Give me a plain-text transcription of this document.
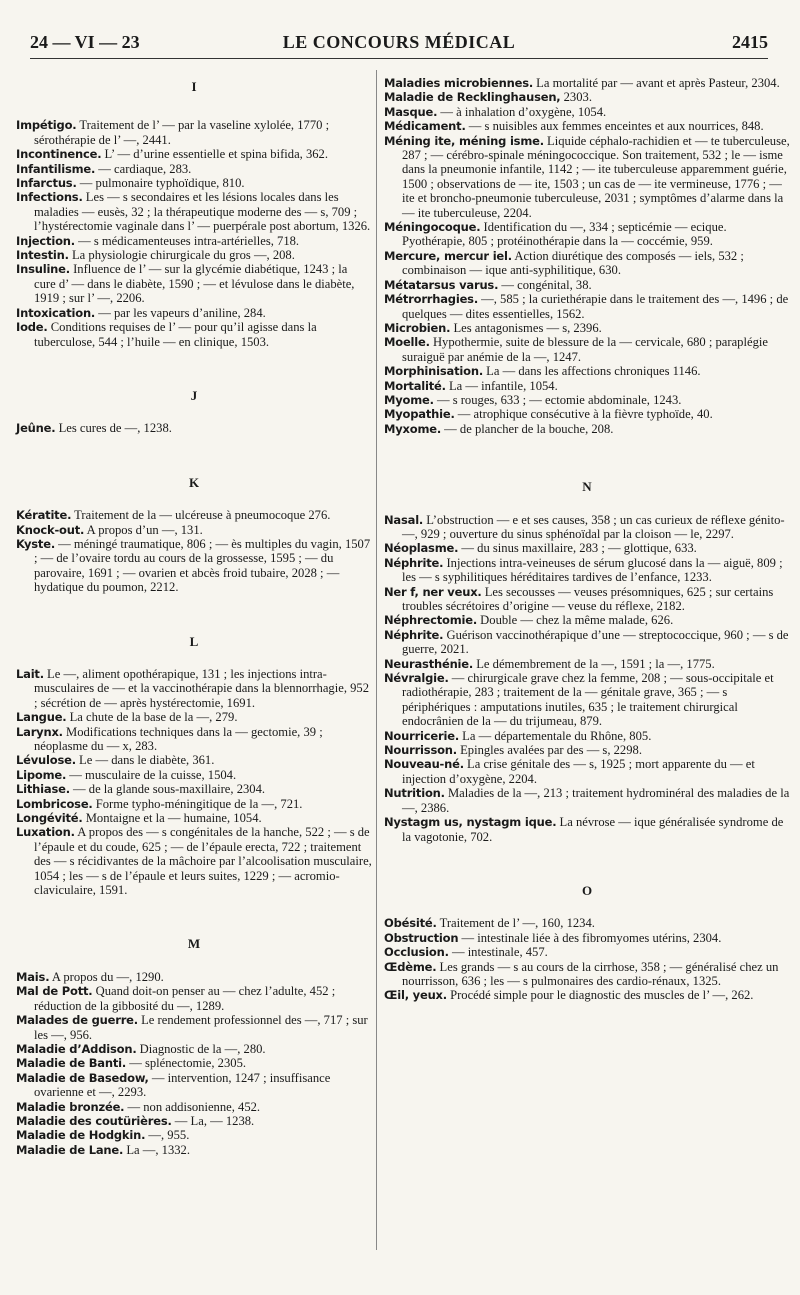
24 — VI — 23	LE CONCOURS MÉDICAL	2415
I
Impétigo. Traitement de l’ — par la vaseline xylolée, 1770 ; sérothérapie de l’ —, 2441.
Incontinence. L’ — d’urine essentielle et spina bifida, 362.
Infantilisme. — cardiaque, 283.
Infarctus. — pulmonaire typhoïdique, 810.
Infections. Les — s secondaires et les lésions locales dans les maladies — eusès, 32 ; la thérapeutique moderne des — s, 709 ; l’hystérectomie vaginale dans l’ — puerpérale post abortum, 1326.
Injection. — s médicamenteuses intra-artérielles, 718.
Intestin. La physiologie chirurgicale du gros —, 208.
Insuline. Influence de l’ — sur la glycémie diabétique, 1243 ; la cure d’ — dans le diabète, 1590 ; — et lévulose dans le diabète, 1919 ; sur l’ —, 2206.
Intoxication. — par les vapeurs d’aniline, 284.
Iode. Conditions requises de l’ — pour qu’il agisse dans la tuberculose, 544 ; l’huile — en clinique, 1503.
J
Jeûne. Les cures de —, 1238.
K
Kératite. Traitement de la — ulcéreuse à pneumocoque 276.
Knock-out. A propos d’un —, 131.
Kyste. — méningé traumatique, 806 ; — ès multiples du vagin, 1507 ; — de l’ovaire tordu au cours de la grossesse, 1595 ; — du parovaire, 1691 ; — ovarien et abcès froid tubaire, 2028 ; — hydatique du poumon, 2212.
L
Lait. Le —, aliment opothérapique, 131 ; les injections intra-musculaires de — et la vaccinothérapie dans la blennorrhagie, 952 ; sécrétion de — après hystérectomie, 1691.
Langue. La chute de la base de la —, 279.
Larynx. Modifications techniques dans la — gectomie, 39 ; néoplasme du — x, 283.
Lévulose. Le — dans le diabète, 361.
Lipome. — musculaire de la cuisse, 1504.
Lithiase. — de la glande sous-maxillaire, 2304.
Lombricose. Forme typho-méningitique de la —, 721.
Longévité. Montaigne et la — humaine, 1054.
Luxation. A propos des — s congénitales de la hanche, 522 ; — s de l’épaule et du coude, 625 ; — de l’épaule erecta, 722 ; traitement des — s récidivantes de la mâchoire par l’alcoolisation musculaire, 1054 ; les — s de l’épaule et leurs suites, 1229 ; — acromio-claviculaire, 1591.
M
Mais. A propos du —, 1290.
Mal de Pott. Quand doit-on penser au — chez l’adulte, 452 ; réduction de la gibbosité du —, 1289.
Malades de guerre. Le rendement professionnel des —, 717 ; sur les —, 956.
Maladie d’Addison. Diagnostic de la —, 280.
Maladie de Banti. — splénectomie, 2305.
Maladie de Basedow, — intervention, 1247 ; insuffisance ovarienne et —, 2293.
Maladie bronzée. — non addisonienne, 452.
Maladie des coutürières. — La, — 1238.
Maladie de Hodgkin. —, 955.
Maladie de Lane. La —, 1332.
Maladies microbiennes. La mortalité par — avant et après Pasteur, 2304.
Maladie de Recklinghausen, 2303.
Masque. — à inhalation d’oxygène, 1054.
Médicament. — s nuisibles aux femmes enceintes et aux nourrices, 848.
Méning ite, méning isme. Liquide céphalo-rachidien et — te tuberculeuse, 287 ; — cérébro-spinale méningococcique. Son traitement, 532 ; le — isme dans la pneumonie infantile, 1142 ; — ite tuberculeuse apparemment guérie, 1500 ; observations de — ite, 1503 ; un cas de — ite vermineuse, 1776 ; — ite et broncho-pneumonie tuberculeuse, 2031 ; symptômes d’alarme dans la — ite tuberculeuse, 2204.
Méningocoque. Identification du —, 334 ; septicémie — ecique. Pyothérapie, 805 ; protéinothérapie dans la — coccémie, 959.
Mercure, mercur iel. Action diurétique des composés — iels, 532 ; combinaison — ique anti-syphilitique, 630.
Métatarsus varus. — congénital, 38.
Métrorrhagies. —, 585 ; la curiethérapie dans le traitement des —, 1496 ; de quelques — dites essentielles, 1562.
Microbien. Les antagonismes — s, 2396.
Moelle. Hypothermie, suite de blessure de la — cervicale, 680 ; paraplégie suraiguë par anémie de la —, 1247.
Morphinisation. La — dans les affections chroniques 1146.
Mortalité. La — infantile, 1054.
Myome. — s rouges, 633 ; — ectomie abdominale, 1243.
Myopathie. — atrophique consécutive à la fièvre typhoïde, 40.
Myxome. — de plancher de la bouche, 208.
N
Nasal. L’obstruction — e et ses causes, 358 ; un cas curieux de réflexe génito- —, 929 ; ouverture du sinus sphénoïdal par la cloison — le, 2297.
Néoplasme. — du sinus maxillaire, 283 ; — glottique, 633.
Néphrite. Injections intra-veineuses de sérum glucosé dans la — aiguë, 809 ; les — s syphilitiques héréditaires tardives de l’enfance, 1233.
Ner f, ner veux. Les secousses — veuses présomniques, 625 ; sur certains troubles sécrétoires d’origine — veuse du réflexe, 2182.
Néphrectomie. Double — chez la même malade, 626.
Néphrite. Guérison vaccinothérapique d’une — streptococcique, 960 ; — s de guerre, 2021.
Neurasthénie. Le démembrement de la —, 1591 ; la —, 1775.
Névralgie. — chirurgicale grave chez la femme, 208 ; — sous-occipitale et radiothérapie, 283 ; traitement de la — génitale grave, 365 ; — s périphériques : amputations inutiles, 635 ; le traitement chirurgical endocrânien de la — du trijumeau, 879.
Nourricerie. La — départementale du Rhône, 805.
Nourrisson. Epingles avalées par des — s, 2298.
Nouveau-né. La crise génitale des — s, 1925 ; mort apparente du — et injection d’oxygène, 2204.
Nutrition. Maladies de la —, 213 ; traitement hydrominéral des maladies de la —, 2386.
Nystagm us, nystagm ique. La névrose — ique généralisée syndrome de la vagotonie, 702.
O
Obésité. Traitement de l’ —, 160, 1234.
Obstruction — intestinale liée à des fibromyomes utérins, 2304.
Occlusion. — intestinale, 457.
Œdème. Les grands — s au cours de la cirrhose, 358 ; — généralisé chez un nourrisson, 636 ; les — s pulmonaires des cardio-rénaux, 1325.
Œil, yeux. Procédé simple pour le diagnostic des muscles de l’ —, 262.
